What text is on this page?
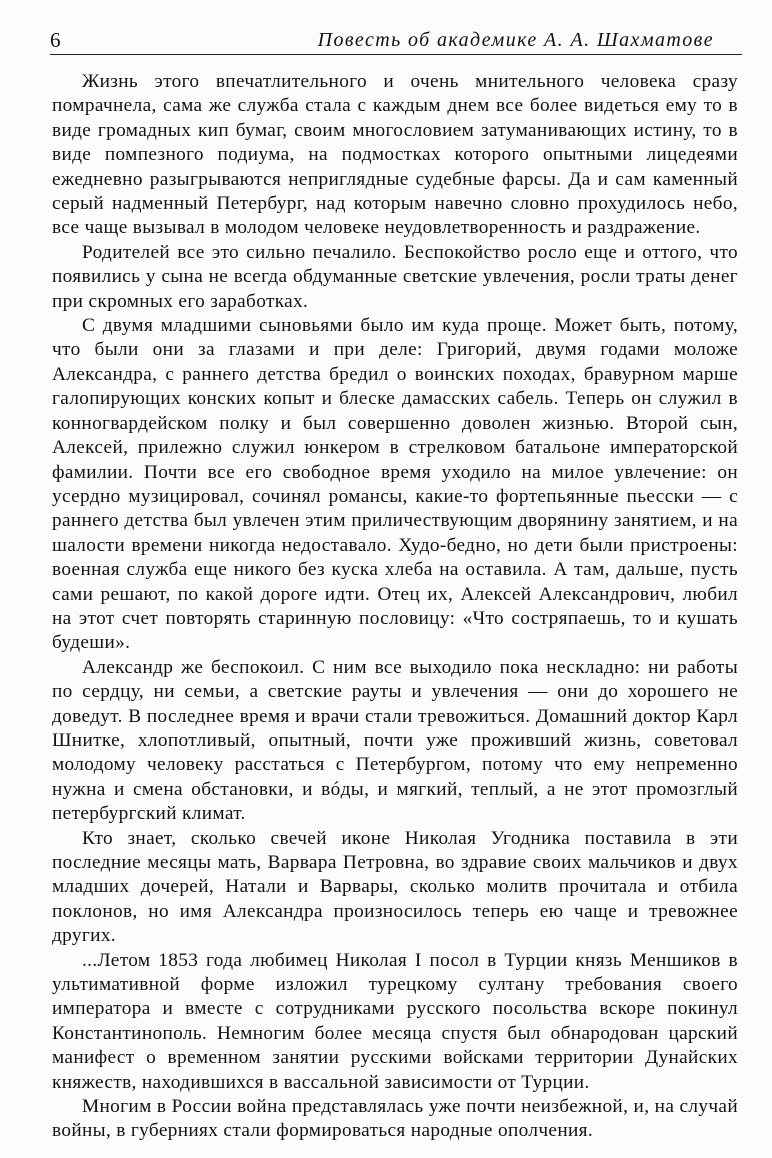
6	Повесть об академике А. А. Шахматове

Жизнь этого впечатлительного и очень мнительного человека сразу помрачнела, сама же служба стала с каждым днем все более видеться ему то в виде громадных кип бумаг, своим многословием затуманивающих истину, то в виде помпезного подиума, на подмостках которого опытными лицедеями ежедневно разыгрываются неприглядные судебные фарсы. Да и сам каменный серый надменный Петербург, над которым навечно словно прохудилось небо, все чаще вызывал в молодом человеке неудовлетворенность и раздражение.

Родителей все это сильно печалило. Беспокойство росло еще и оттого, что появились у сына не всегда обдуманные светские увлечения, росли траты денег при скромных его заработках.

С двумя младшими сыновьями было им куда проще. Может быть, потому, что были они за глазами и при деле: Григорий, двумя годами моложе Александра, с раннего детства бредил о воинских походах, бравурном марше галопирующих конских копыт и блеске дамасских сабель. Теперь он служил в конногвардейском полку и был совершенно доволен жизнью. Второй сын, Алексей, прилежно служил юнкером в стрелковом батальоне императорской фамилии. Почти все его свободное время уходило на милое увлечение: он усердно музицировал, сочинял романсы, какие-то фортепьянные пьесски — с раннего детства был увлечен этим приличествующим дворянину занятием, и на шалости времени никогда недоставало. Худо-бедно, но дети были пристроены: военная служба еще никого без куска хлеба на оставила. А там, дальше, пусть сами решают, по какой дороге идти. Отец их, Алексей Александрович, любил на этот счет повторять старинную пословицу: «Что состряпаешь, то и кушать будеши».

Александр же беспокоил. С ним все выходило пока нескладно: ни работы по сердцу, ни семьи, а светские рауты и увлечения — они до хорошего не доведут. В последнее время и врачи стали тревожиться. Домашний доктор Карл Шнитке, хлопотливый, опытный, почти уже проживший жизнь, советовал молодому человеку расстаться с Петербургом, потому что ему непременно нужна и смена обстановки, и вóды, и мягкий, теплый, а не этот промозглый петербургский климат.

Кто знает, сколько свечей иконе Николая Угодника поставила в эти последние месяцы мать, Варвара Петровна, во здравие своих мальчиков и двух младших дочерей, Натали и Варвары, сколько молитв прочитала и отбила поклонов, но имя Александра произносилось теперь ею чаще и тревожнее других.

...Летом 1853 года любимец Николая I посол в Турции князь Меншиков в ультимативной форме изложил турецкому султану требования своего императора и вместе с сотрудниками русского посольства вскоре покинул Константинополь. Немногим более месяца спустя был обнародован царский манифест о временном занятии русскими войсками территории Дунайских княжеств, находившихся в вассальной зависимости от Турции.

Многим в России война представлялась уже почти неизбежной, и, на случай войны, в губерниях стали формироваться народные ополчения.
